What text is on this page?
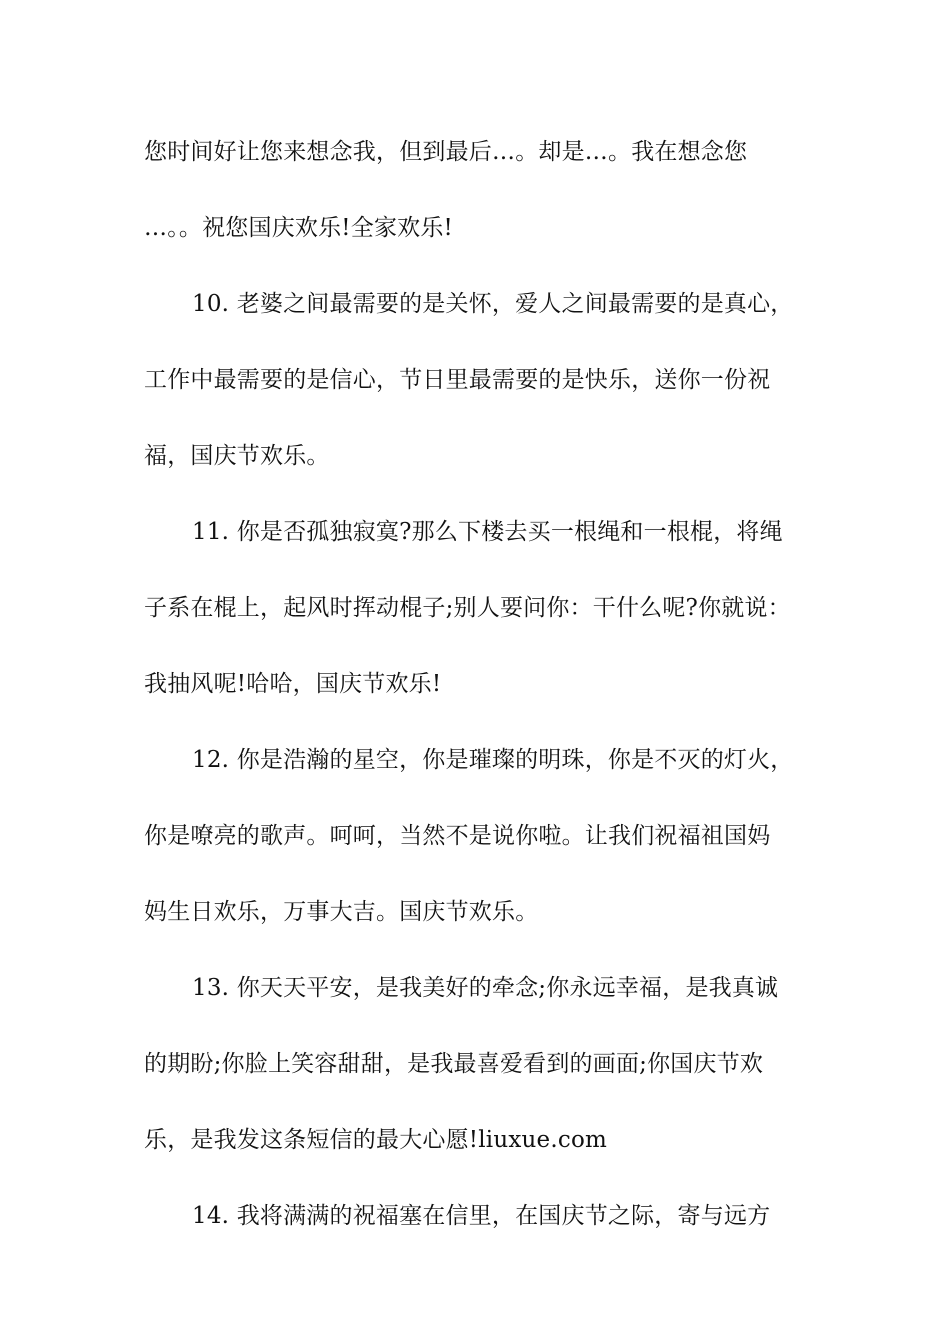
您时间好让您来想念我，但到最后…。却是…。我在想念您
…。。祝您国庆欢乐!全家欢乐!
10. 老婆之间最需要的是关怀，爱人之间最需要的是真心，
工作中最需要的是信心，节日里最需要的是快乐，送你一份祝
福，国庆节欢乐。
11. 你是否孤独寂寞?那么下楼去买一根绳和一根棍，将绳
子系在棍上，起风时挥动棍子;别人要问你：干什么呢?你就说：
我抽风呢!哈哈，国庆节欢乐!
12. 你是浩瀚的星空，你是璀璨的明珠，你是不灭的灯火，
你是嘹亮的歌声。呵呵，当然不是说你啦。让我们祝福祖国妈
妈生日欢乐，万事大吉。国庆节欢乐。
13. 你天天平安，是我美好的牵念;你永远幸福，是我真诚
的期盼;你脸上笑容甜甜，是我最喜爱看到的画面;你国庆节欢
乐，是我发这条短信的最大心愿!liuxue.com
14. 我将满满的祝福塞在信里，在国庆节之际，寄与远方
